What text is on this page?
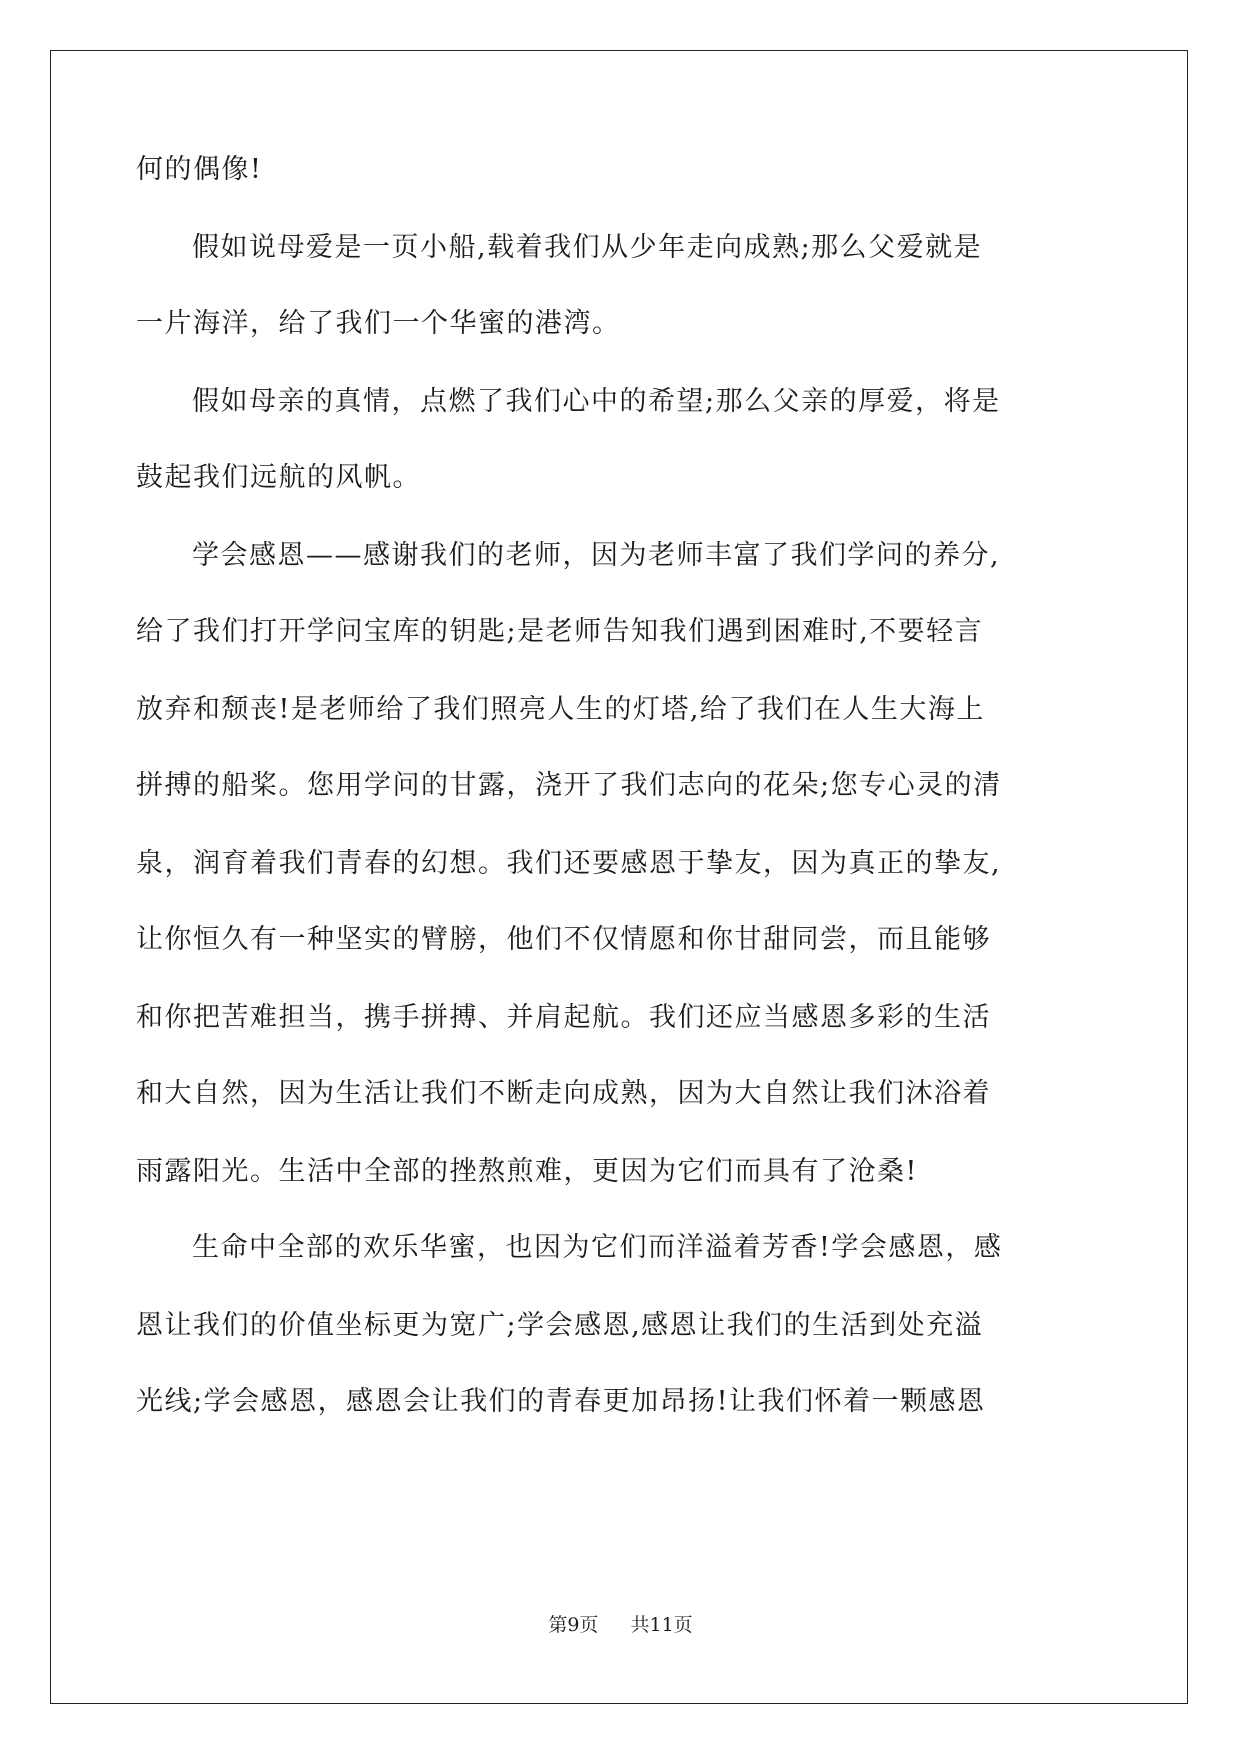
何的偶像!
假如说母爱是一页小船,载着我们从少年走向成熟;那么父爱就是
一片海洋，给了我们一个华蜜的港湾。
假如母亲的真情，点燃了我们心中的希望;那么父亲的厚爱，将是
鼓起我们远航的风帆。
学会感恩——感谢我们的老师，因为老师丰富了我们学问的养分,
给了我们打开学问宝库的钥匙;是老师告知我们遇到困难时,不要轻言
放弃和颓丧!是老师给了我们照亮人生的灯塔,给了我们在人生大海上
拼搏的船桨。您用学问的甘露，浇开了我们志向的花朵;您专心灵的清
泉，润育着我们青春的幻想。我们还要感恩于挚友，因为真正的挚友,
让你恒久有一种坚实的臂膀，他们不仅情愿和你甘甜同尝，而且能够
和你把苦难担当，携手拼搏、并肩起航。我们还应当感恩多彩的生活
和大自然，因为生活让我们不断走向成熟，因为大自然让我们沐浴着
雨露阳光。生活中全部的挫熬煎难，更因为它们而具有了沧桑!
生命中全部的欢乐华蜜，也因为它们而洋溢着芳香!学会感恩，感
恩让我们的价值坐标更为宽广;学会感恩,感恩让我们的生活到处充溢
光线;学会感恩，感恩会让我们的青春更加昂扬!让我们怀着一颗感恩
第9页 共11页
